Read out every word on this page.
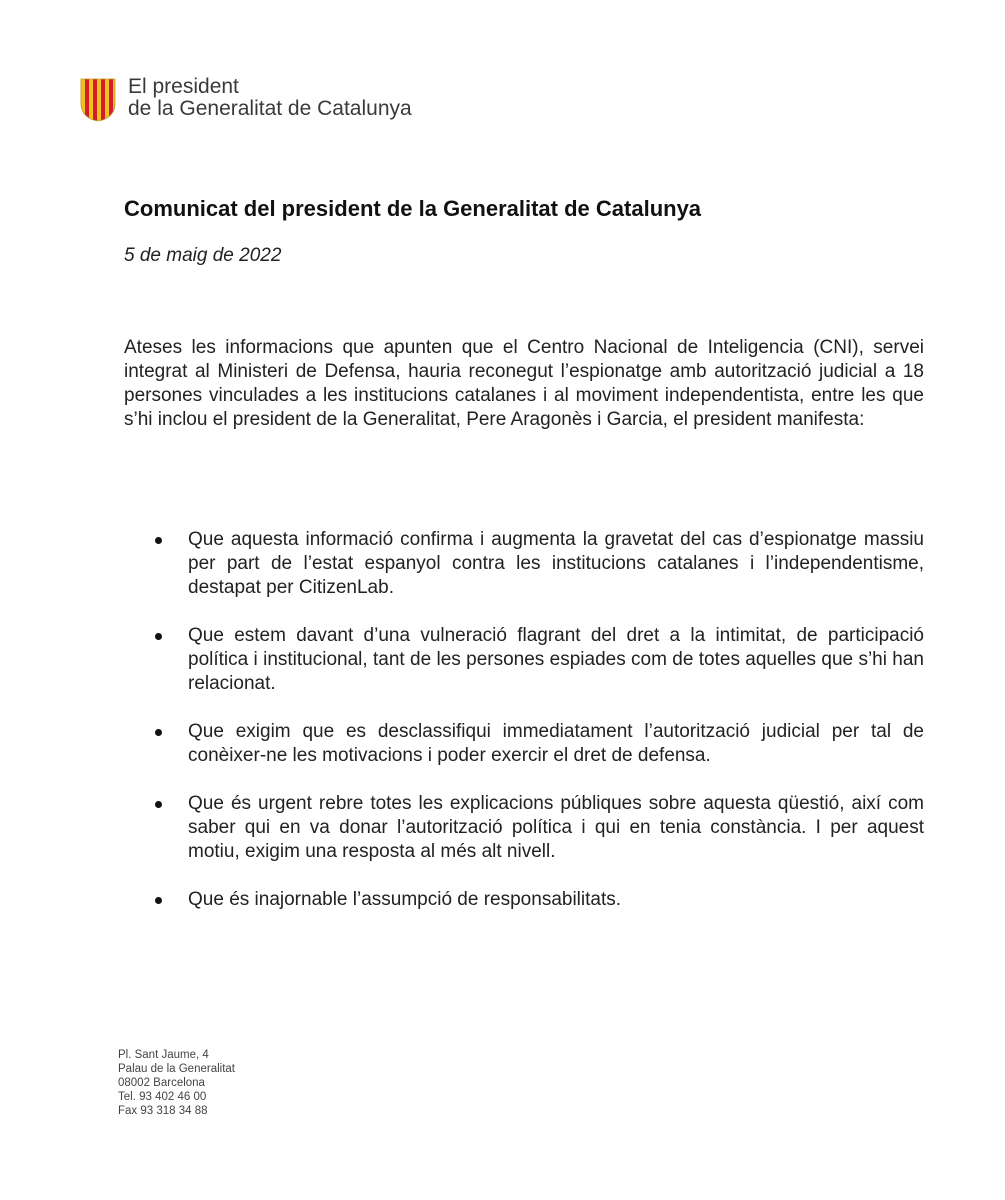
El president
de la Generalitat de Catalunya
Comunicat del president de la Generalitat de Catalunya
5 de maig de 2022

Ateses les informacions que apunten que el Centro Nacional de Inteligencia (CNI), servei integrat al Ministeri de Defensa, hauria reconegut l’espionatge amb autorització judicial a 18 persones vinculades a les institucions catalanes i al moviment independentista, entre les que s’hi inclou el president de la Generalitat, Pere Aragonès i Garcia, el president manifesta:

Que aquesta informació confirma i augmenta la gravetat del cas d’espionatge massiu per part de l’estat espanyol contra les institucions catalanes i l’independentisme, destapat per CitizenLab.
Que estem davant d’una vulneració flagrant del dret a la intimitat, de participació política i institucional, tant de les persones espiades com de totes aquelles que s’hi han relacionat.
Que exigim que es desclassifiqui immediatament l’autorització judicial per tal de conèixer-ne les motivacions i poder exercir el dret de defensa.
Que és urgent rebre totes les explicacions públiques sobre aquesta qüestió, així com saber qui en va donar l’autorització política i qui en tenia constància. I per aquest motiu, exigim una resposta al més alt nivell.
Que és inajornable l’assumpció de responsabilitats.
Pl. Sant Jaume, 4
Palau de la Generalitat
08002 Barcelona
Tel. 93 402 46 00
Fax 93 318 34 88
